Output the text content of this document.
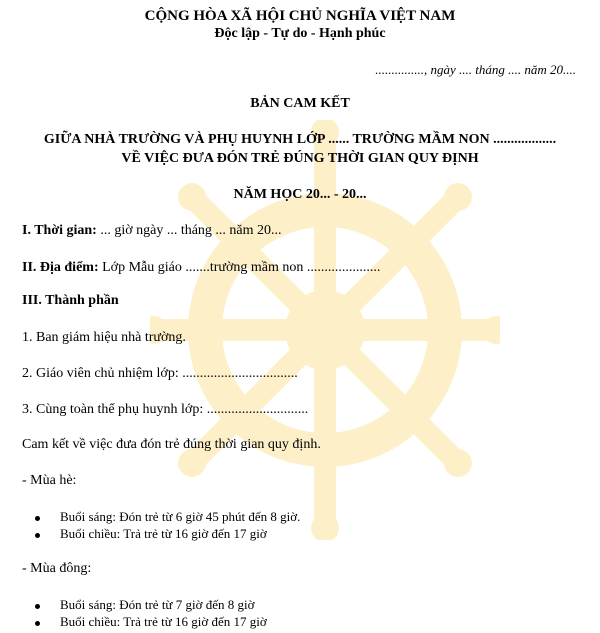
CỘNG HÒA XÃ HỘI CHỦ NGHĨA VIỆT NAM
Độc lập - Tự do - Hạnh phúc
..............., ngày .... tháng .... năm 20....
BẢN CAM KẾT
GIỮA NHÀ TRƯỜNG VÀ PHỤ HUYNH LỚP ...... TRƯỜNG MẦM NON ..................
VỀ VIỆC ĐƯA ĐÓN TRẺ ĐÚNG THỜI GIAN QUY ĐỊNH
NĂM HỌC 20... - 20...
I. Thời gian: ... giờ ngày ... tháng ... năm 20...
II. Địa điểm: Lớp Mẫu giáo .......trường mầm non .....................
III. Thành phần
1. Ban giám hiệu nhà trường.
2. Giáo viên chủ nhiệm lớp: .................................
3. Cùng toàn thể phụ huynh lớp: .............................
Cam kết về việc đưa đón trẻ đúng thời gian quy định.
- Mùa hè:
Buổi sáng: Đón trẻ từ 6 giờ 45 phút đến 8 giờ.
Buổi chiều: Trả trẻ từ 16 giờ đến 17 giờ
- Mùa đông:
Buổi sáng: Đón trẻ từ 7 giờ đến 8 giờ
Buổi chiều: Trả trẻ từ 16 giờ đến 17 giờ
